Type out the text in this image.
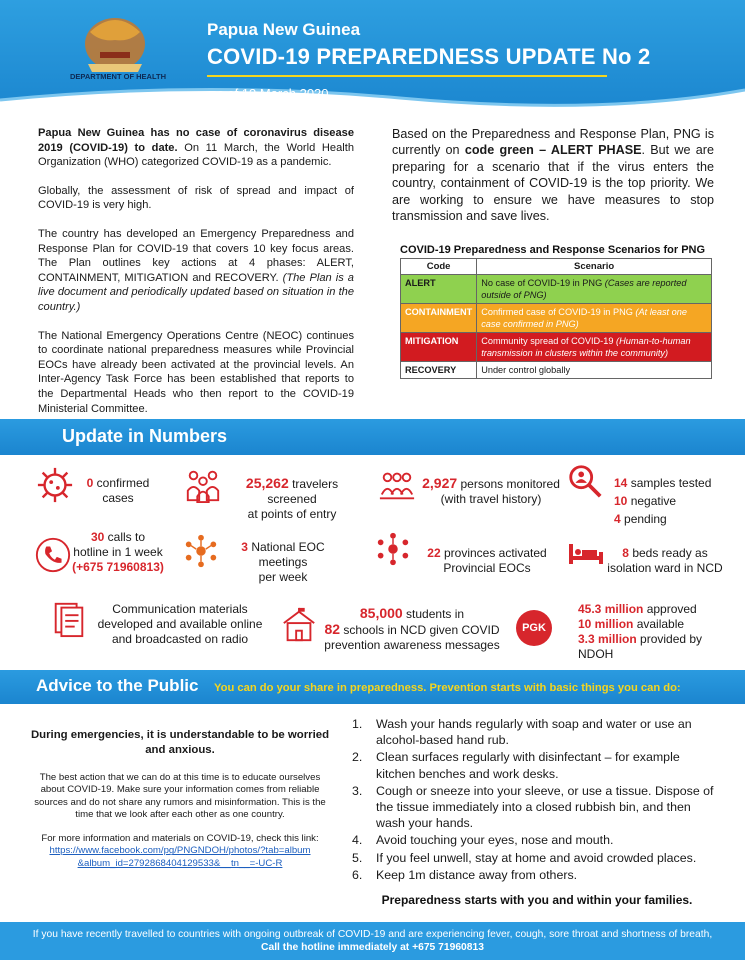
DEPARTMENT OF HEALTH
Papua New Guinea
COVID-19 PREPAREDNESS UPDATE No 2
as of 13 March 2020

Papua New Guinea has no case of coronavirus disease 2019 (COVID-19) to date. On 11 March, the World Health Organization (WHO) categorized COVID-19 as a pandemic.

Globally, the assessment of risk of spread and impact of COVID-19 is very high.

The country has developed an Emergency Preparedness and Response Plan for COVID-19 that covers 10 key focus areas. The Plan outlines key actions at 4 phases: ALERT, CONTAINMENT, MITIGATION and RECOVERY. (The Plan is a live document and periodically updated based on situation in the country.)

The National Emergency Operations Centre (NEOC) continues to coordinate national preparedness measures while Provincial EOCs have already been activated at the provincial levels. An Inter-Agency Task Force has been established that reports to the Departmental Heads who then report to the COVID-19 Ministerial Committee.

Based on the Preparedness and Response Plan, PNG is currently on code green – ALERT PHASE. But we are preparing for a scenario that if the virus enters the country, containment of COVID-19 is the top priority. We are working to ensure we have measures to stop transmission and save lives.
COVID-19 Preparedness and Response Scenarios for PNG
Code	Scenario
ALERT	No case of COVID-19 in PNG (Cases are reported outside of PNG)
CONTAINMENT	Confirmed case of COVID-19 in PNG (At least one case confirmed in PNG)
MITIGATION	Community spread of COVID-19 (Human-to-human transmission in clusters within the community)
RECOVERY	Under control globally
Update in Numbers
0 confirmed
cases
25,262 travelers screened
at points of entry
2,927 persons monitored
(with travel history)
14 samples tested
10 negative
4 pending
30 calls to
hotline in 1 week
(+675 71960813)
3 National EOC meetings
per week
22 provinces activated
Provincial EOCs
8 beds ready as
isolation ward in NCD
Communication materials
developed and available online
and broadcasted on radio
85,000 students in
82 schools in NCD given COVID
prevention awareness messages
PGK
45.3 million approved
10 million available
3.3 million provided by NDOH
Advice to the Public You can do your share in preparedness. Prevention starts with basic things you can do:

During emergencies, it is understandable to be worried and anxious.

The best action that we can do at this time is to educate ourselves about COVID-19. Make sure your information comes from reliable sources and do not share any rumors and misinformation. This is the time that we look after each other as one country.

For more information and materials on COVID-19, check this link:

https://www.facebook.com/pg/PNGNDOH/photos/?tab=album
&album_id=2792868404129533&__tn__=-UC-R
1.	Wash your hands regularly with soap and water or use an alcohol-based hand rub.
2.	Clean surfaces regularly with disinfectant – for example kitchen benches and work desks.
3.	Cough or sneeze into your sleeve, or use a tissue. Dispose of the tissue immediately into a closed rubbish bin, and then wash your hands.
4.	Avoid touching your eyes, nose and mouth.
5.	If you feel unwell, stay at home and avoid crowded places.
6.	Keep 1m distance away from others.
Preparedness starts with you and within your families.
If you have recently travelled to countries with ongoing outbreak of COVID-19 and are experiencing fever, cough, sore throat and shortness of breath,
Call the hotline immediately at +675 71960813
